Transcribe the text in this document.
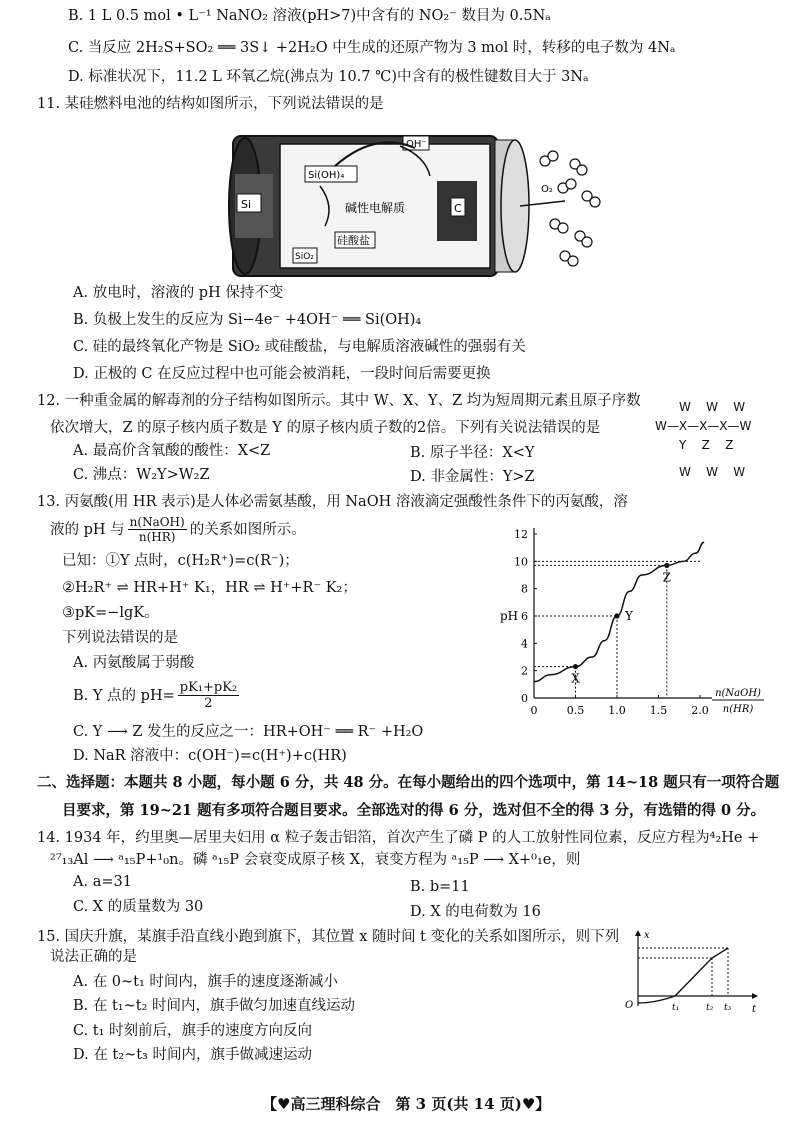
B. 1 L 0.5 mol • L⁻¹ NaNO₂ 溶液(pH>7)中含有的 NO₂⁻ 数目为 0.5Nₐ
C. 当反应 2H₂S+SO₂ ══ 3S↓ +2H₂O 中生成的还原产物为 3 mol 时，转移的电子数为 4Nₐ
D. 标准状况下，11.2 L 环氧乙烷(沸点为 10.7 ℃)中含有的极性键数目大于 3Nₐ
11. 某硅燃料电池的结构如图所示，下列说法错误的是
Si	C
Si(OH)₄
OH⁻
碱性电解质
硅酸盐
SiO₂
O₂
A. 放电时，溶液的 pH 保持不变
B. 负极上发生的反应为 Si−4e⁻ +4OH⁻ ══ Si(OH)₄
C. 硅的最终氧化产物是 SiO₂ 或硅酸盐，与电解质溶液碱性的强弱有关
D. 正极的 C 在反应过程中也可能会被消耗，一段时间后需要更换
12. 一种重金属的解毒剂的分子结构如图所示。其中 W、X、Y、Z 均为短周期元素且原子序数
依次增大，Z 的原子核内质子数是 Y 的原子核内质子数的2倍。下列有关说法错误的是
A. 最高价含氧酸的酸性：X<Z	B. 原子半径：X<Y
C. 沸点：W₂Y>W₂Z	D. 非金属性：Y>Z
W    W    W
W—X—X—X—W
Y    Z    Z
W    W    W
13. 丙氨酸(用 HR 表示)是人体必需氨基酸，用 NaOH 溶液滴定强酸性条件下的丙氨酸，溶
液的 pH 与 n(NaOH)
n(HR) 的关系如图所示。
已知：①Y 点时，c(H₂R⁺)=c(R⁻)；
②H₂R⁺ ⇌ HR+H⁺ K₁，HR ⇌ H⁺+R⁻ K₂；
③pK=−lgK。
下列说法错误的是
A. 丙氨酸属于弱酸
B. Y 点的 $pH= \frac{\text{pK₁+pK₂}}{2}$
C. Y ⟶ Z 发生的反应之一：HR+OH⁻ ══ R⁻ +H₂O
D. NaR 溶液中：c(OH⁻)=c(H⁺)+c(HR)
0	0.5 1.0 1.5 2.0
0
2
4
6
8
10
12
pH
n(NaOH)
n(HR)
X
Y
Z
二、选择题：本题共 8 小题，每小题 6 分，共 48 分。在每小题给出的四个选项中，第 14~18 题只有一项符合题
目要求，第 19~21 题有多项符合题目要求。全部选对的得 6 分，选对但不全的得 3 分，有选错的得 0 分。
14. 1934 年，约里奥—居里夫妇用 α 粒子轰击铝箔，首次产生了磷 P 的人工放射性同位素，反应方程为⁴₂He +
²⁷₁₃Al ⟶ ᵃ₁₅P+¹₀n。磷 ᵃ₁₅P 会衰变成原子核 X，衰变方程为 ᵃ₁₅P ⟶ X+⁰₁e，则
A. a=31	B. b=11
C. X 的质量数为 30	D. X 的电荷数为 16
15. 国庆升旗，某旗手沿直线小跑到旗下，其位置 x 随时间 t 变化的关系如图所示，则下列
说法正确的是
A. 在 0~t₁ 时间内，旗手的速度逐渐减小
B. 在 t₁~t₂ 时间内，旗手做匀加速直线运动
C. t₁ 时刻前后，旗手的速度方向反向
D. 在 t₂~t₃ 时间内，旗手做减速运动
x
t
O	t₁	t₂ t₃
【♥高三理科综合　第 3 页(共 14 页)♥】
